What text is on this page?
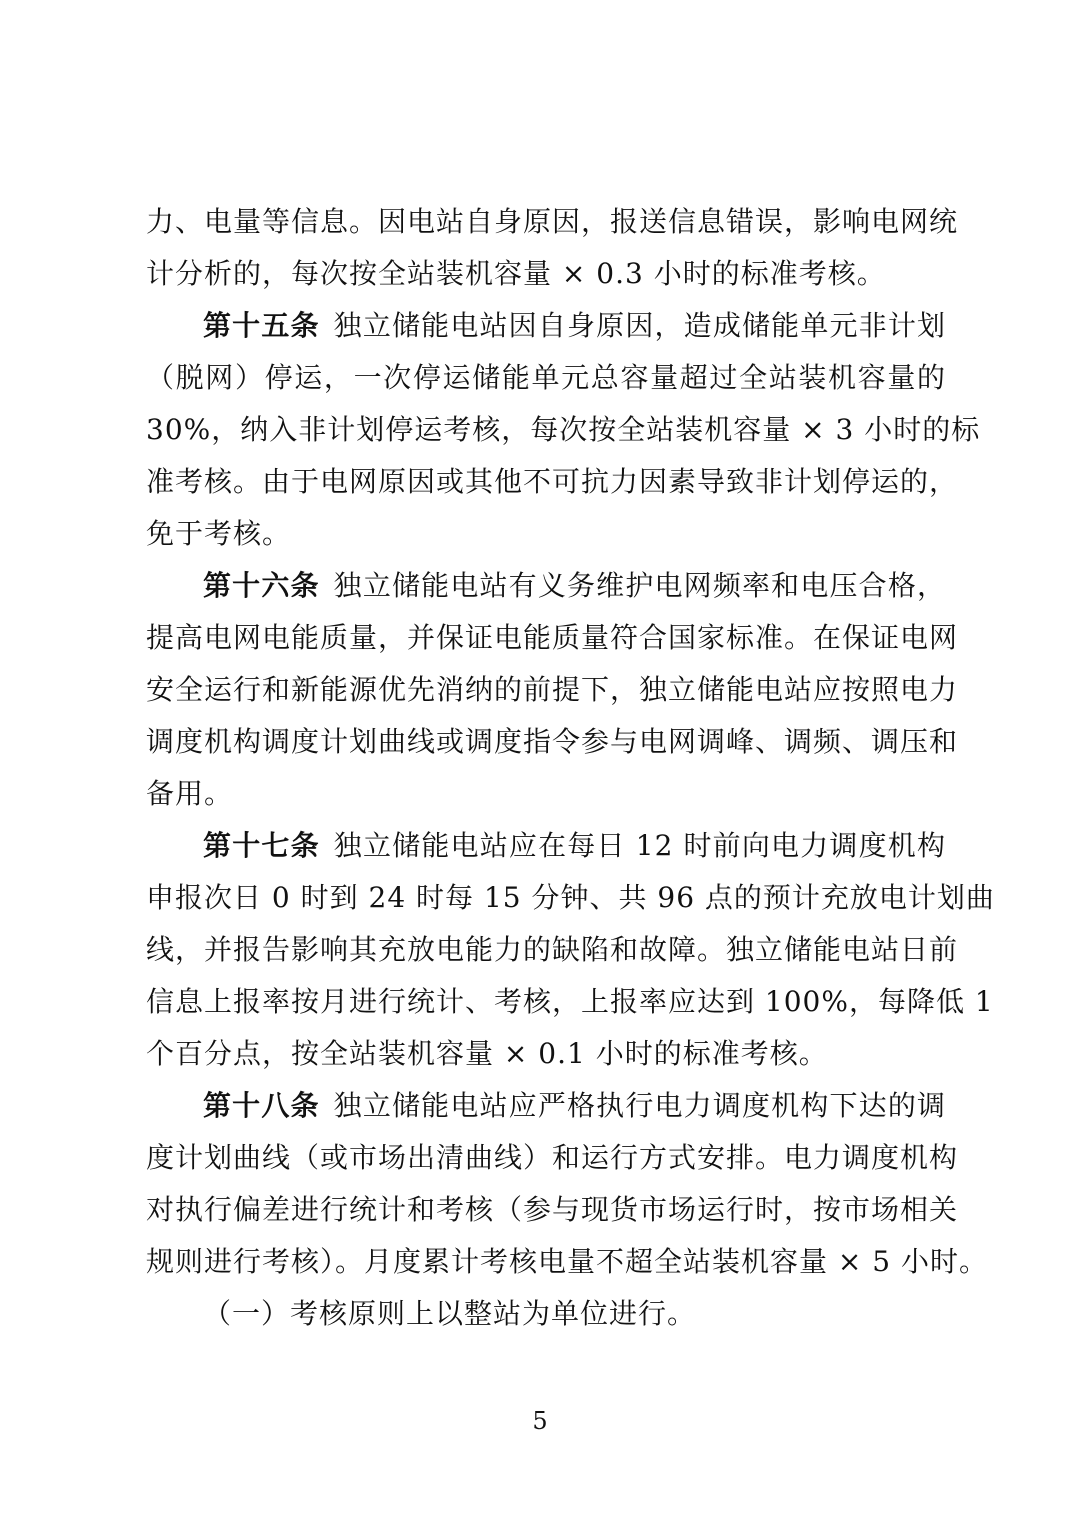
力、电量等信息。因电站自身原因，报送信息错误，影响电网统
计分析的，每次按全站装机容量 × 0.3 小时的标准考核。
第十五条 独立储能电站因自身原因，造成储能单元非计划
（脱网）停运，一次停运储能单元总容量超过全站装机容量的
30%，纳入非计划停运考核，每次按全站装机容量 × 3 小时的标
准考核。由于电网原因或其他不可抗力因素导致非计划停运的，
免于考核。
第十六条 独立储能电站有义务维护电网频率和电压合格，
提高电网电能质量，并保证电能质量符合国家标准。在保证电网
安全运行和新能源优先消纳的前提下，独立储能电站应按照电力
调度机构调度计划曲线或调度指令参与电网调峰、调频、调压和
备用。
第十七条 独立储能电站应在每日 12 时前向电力调度机构
申报次日 0 时到 24 时每 15 分钟、共 96 点的预计充放电计划曲
线，并报告影响其充放电能力的缺陷和故障。独立储能电站日前
信息上报率按月进行统计、考核，上报率应达到 100%，每降低 1
个百分点，按全站装机容量 × 0.1 小时的标准考核。
第十八条 独立储能电站应严格执行电力调度机构下达的调
度计划曲线（或市场出清曲线）和运行方式安排。电力调度机构
对执行偏差进行统计和考核（参与现货市场运行时，按市场相关
规则进行考核）。月度累计考核电量不超全站装机容量 × 5 小时。
（一）考核原则上以整站为单位进行。
5
